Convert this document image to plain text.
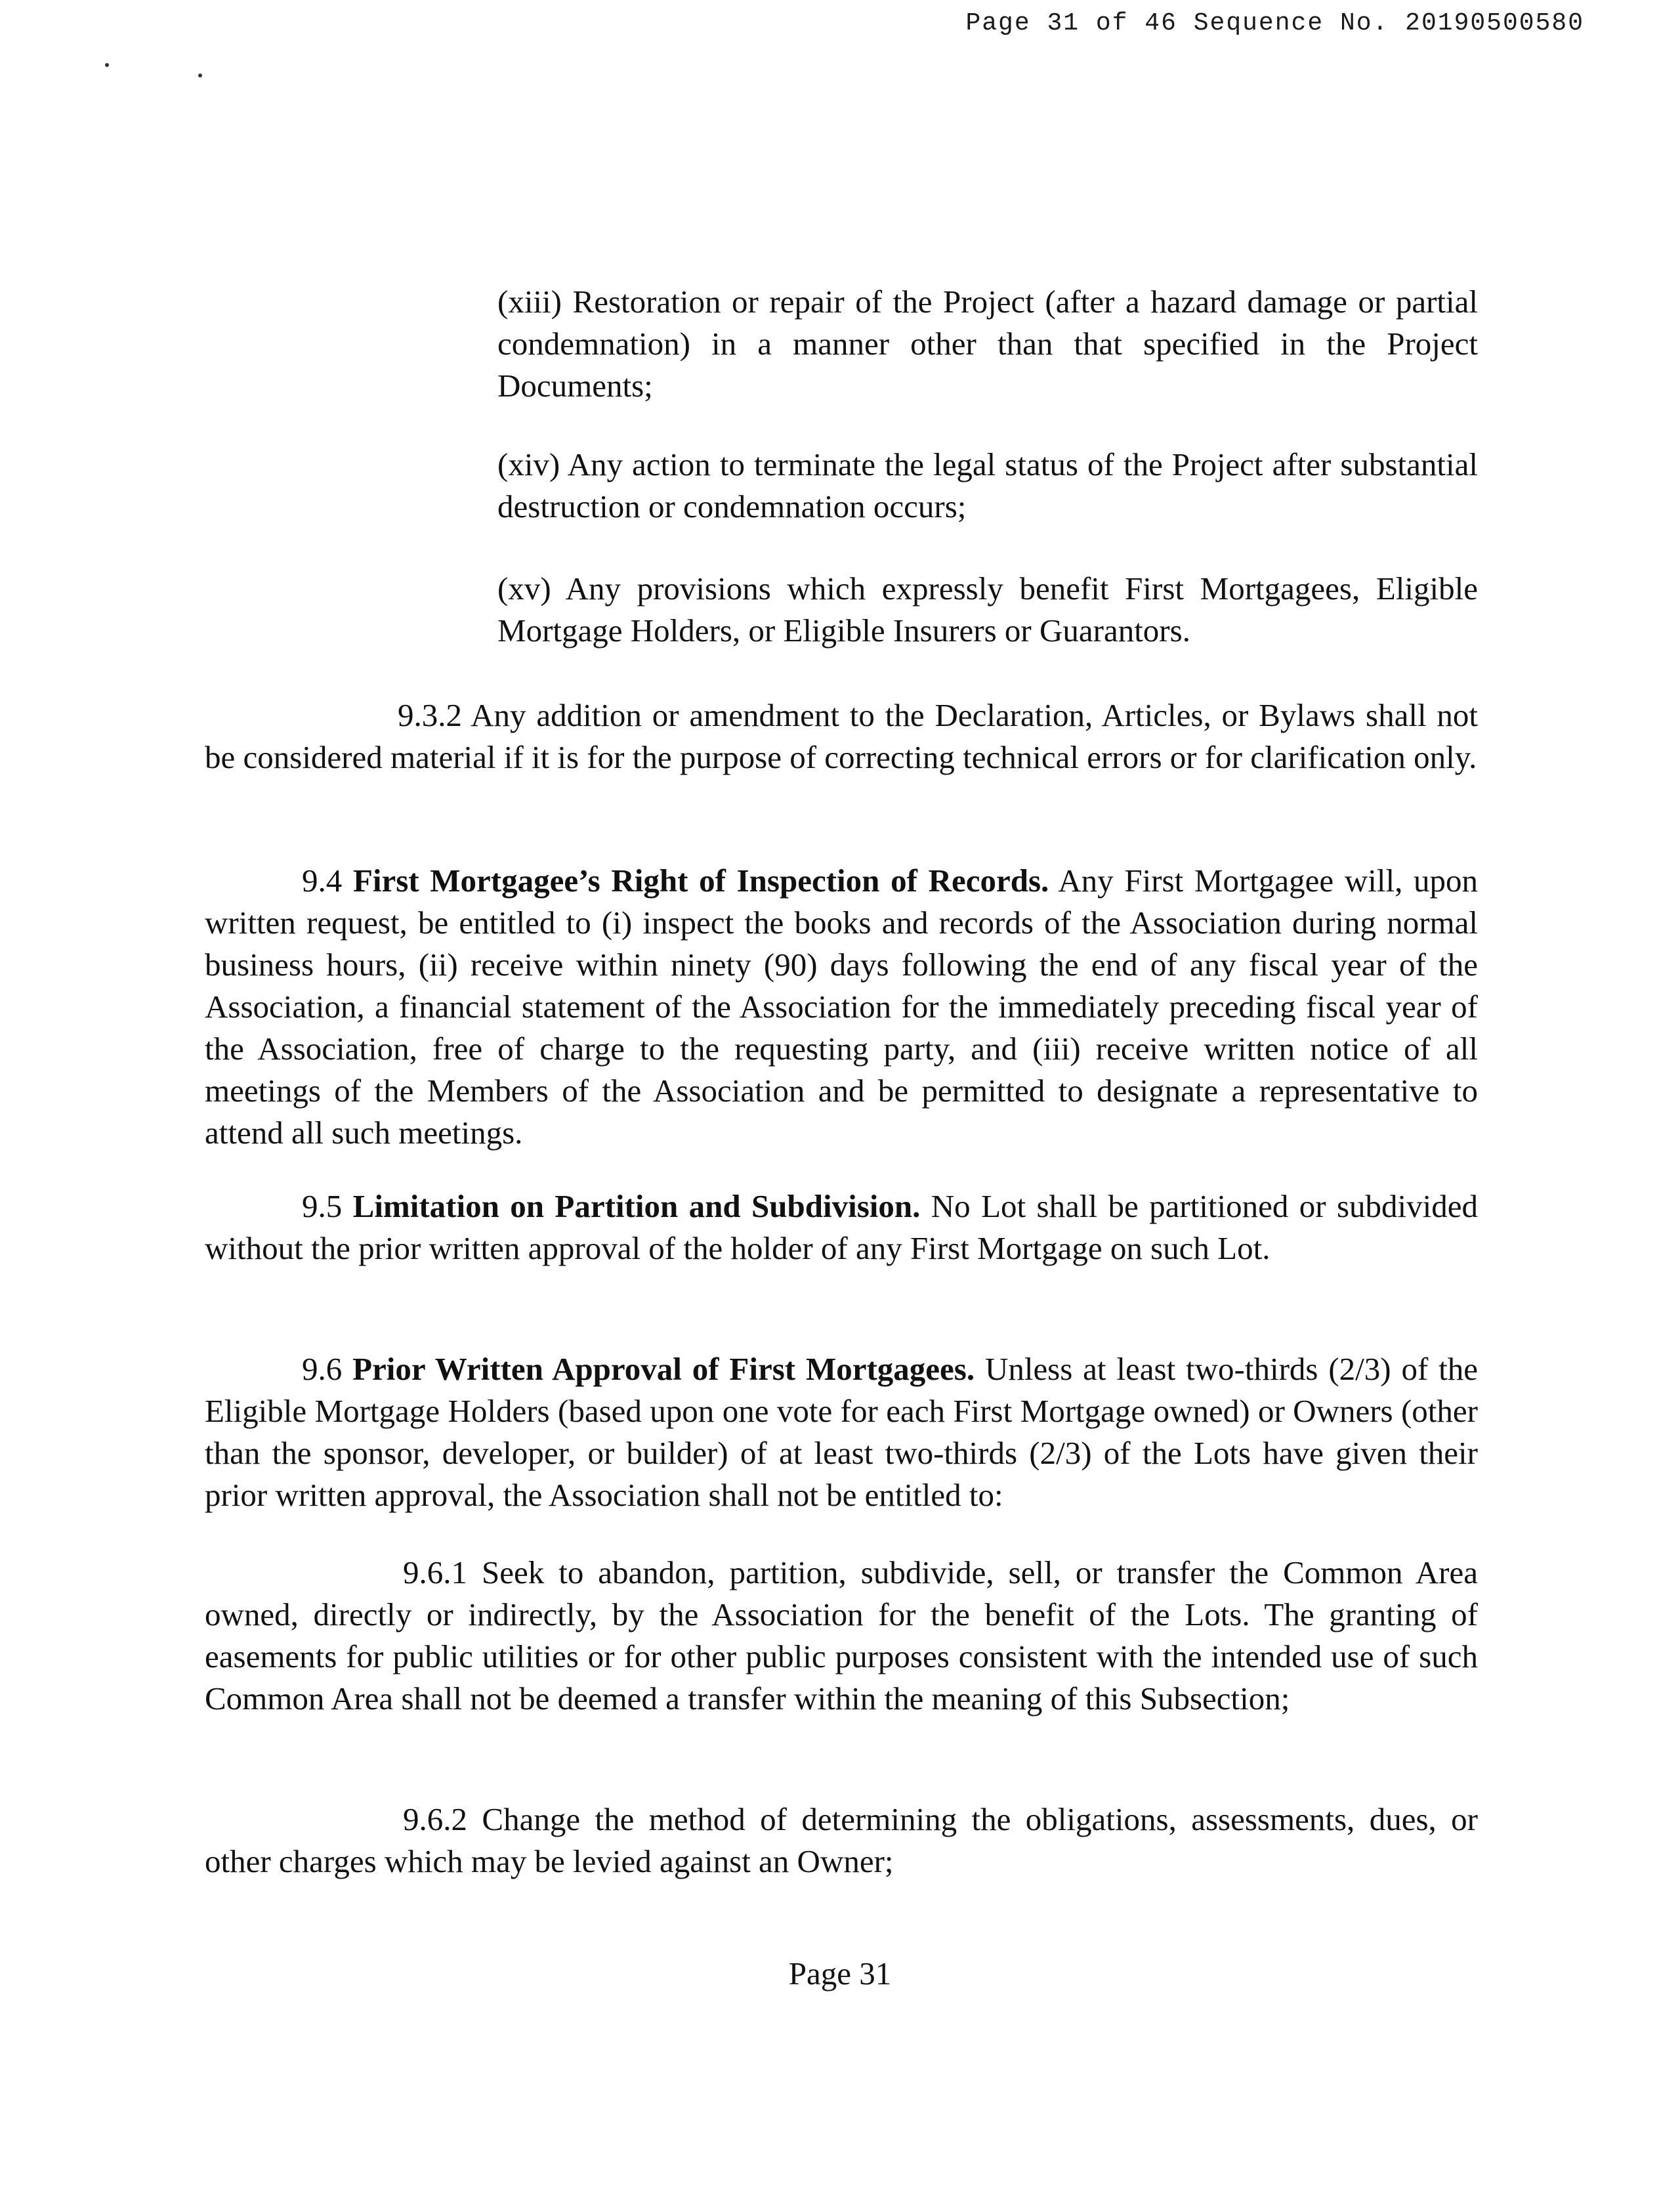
Page 31 of 46 Sequence No. 20190500580

(xiii) Restoration or repair of the Project (after a hazard damage or partial condemnation) in a manner other than that specified in the Project Documents;

(xiv) Any action to terminate the legal status of the Project after substantial destruction or condemnation occurs;

(xv) Any provisions which expressly benefit First Mortgagees, Eligible Mortgage Holders, or Eligible Insurers or Guarantors.

9.3.2 Any addition or amendment to the Declaration, Articles, or Bylaws shall not be considered material if it is for the purpose of correcting technical errors or for clarification only.

9.4 First Mortgagee’s Right of Inspection of Records. Any First Mortgagee will, upon written request, be entitled to (i) inspect the books and records of the Association during normal business hours, (ii) receive within ninety (90) days following the end of any fiscal year of the Association, a financial statement of the Association for the immediately preceding fiscal year of the Association, free of charge to the requesting party, and (iii) receive written notice of all meetings of the Members of the Association and be permitted to designate a representative to attend all such meetings.

9.5 Limitation on Partition and Subdivision. No Lot shall be partitioned or subdivided without the prior written approval of the holder of any First Mortgage on such Lot.

9.6 Prior Written Approval of First Mortgagees. Unless at least two-thirds (2/3) of the Eligible Mortgage Holders (based upon one vote for each First Mortgage owned) or Owners (other than the sponsor, developer, or builder) of at least two-thirds (2/3) of the Lots have given their prior written approval, the Association shall not be entitled to:

9.6.1 Seek to abandon, partition, subdivide, sell, or transfer the Common Area owned, directly or indirectly, by the Association for the benefit of the Lots. The granting of easements for public utilities or for other public purposes consistent with the intended use of such Common Area shall not be deemed a transfer within the meaning of this Subsection;

9.6.2 Change the method of determining the obligations, assessments, dues, or other charges which may be levied against an Owner;

Page 31
